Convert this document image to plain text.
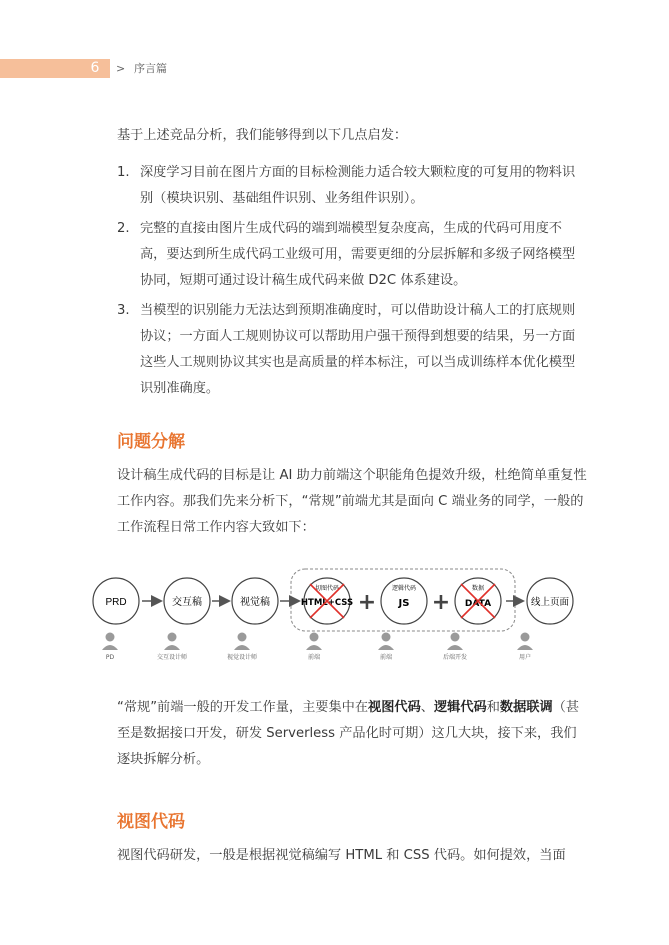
6	> 序言篇

基于上述竞品分析，我们能够得到以下几点启发：

1. 深度学习目前在图片方面的目标检测能力适合较大颗粒度的可复用的物料识别（模块识别、基础组件识别、业务组件识别）。
2. 完整的直接由图片生成代码的端到端模型复杂度高，生成的代码可用度不高，要达到所生成代码工业级可用，需要更细的分层拆解和多级子网络模型协同，短期可通过设计稿生成代码来做 D2C 体系建设。
3. 当模型的识别能力无法达到预期准确度时，可以借助设计稿人工的打底规则协议；一方面人工规则协议可以帮助用户强干预得到想要的结果，另一方面这些人工规则协议其实也是高质量的样本标注，可以当成训练样本优化模型识别准确度。
问题分解

设计稿生成代码的目标是让 AI 助力前端这个职能角色提效升级，杜绝简单重复性工作内容。那我们先来分析下，“常规”前端尤其是面向 C 端业务的同学，一般的工作流程日常工作内容大致如下：

PRD	交互稿	视觉稿
切图代码
HTML+CSS +
逻辑代码
JS +
数据
DATA	线上页面
PD	交互设计师	视觉设计师	前端	前端	后端开发	用户

“常规”前端一般的开发工作量，主要集中在视图代码、逻辑代码和数据联调（甚至是数据接口开发，研发 Serverless 产品化时可期）这几大块，接下来，我们逐块拆解分析。

视图代码

视图代码研发，一般是根据视觉稿编写 HTML 和 CSS 代码。如何提效，当面
